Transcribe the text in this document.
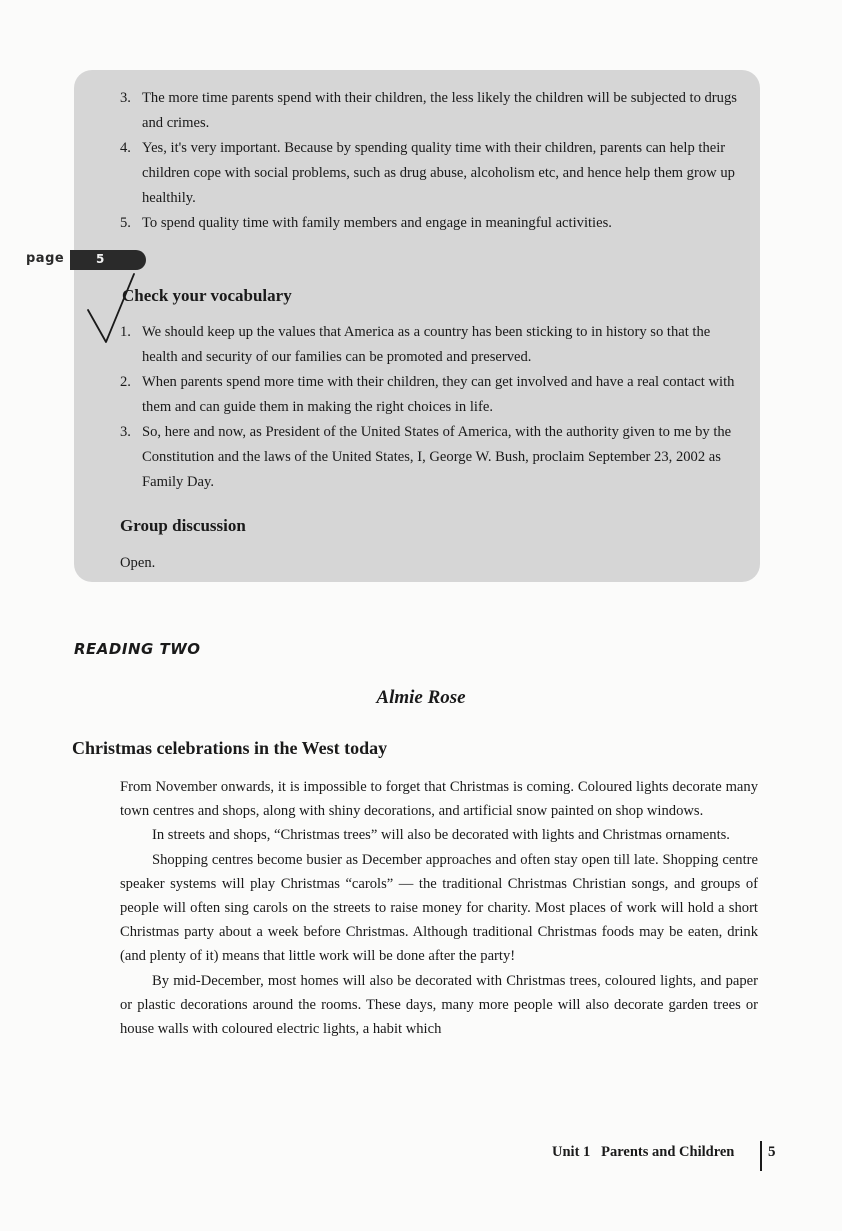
3. The more time parents spend with their children, the less likely the children will be subjected to drugs and crimes.
4. Yes, it's very important. Because by spending quality time with their children, parents can help their children cope with social problems, such as drug abuse, alcoholism etc, and hence help them grow up healthily.
5. To spend quality time with family members and engage in meaningful activities.
page	5
Check your vocabulary
1. We should keep up the values that America as a country has been sticking to in history so that the health and security of our families can be promoted and preserved.
2. When parents spend more time with their children, they can get involved and have a real contact with them and can guide them in making the right choices in life.
3. So, here and now, as President of the United States of America, with the authority given to me by the Constitution and the laws of the United States, I, George W. Bush, proclaim September 23, 2002 as Family Day.
Group discussion
Open.
READING TWO
Almie Rose
Christmas celebrations in the West today

From November onwards, it is impossible to forget that Christmas is coming. Coloured lights decorate many town centres and shops, along with shiny decorations, and artificial snow painted on shop windows.

In streets and shops, “Christmas trees” will also be decorated with lights and Christmas ornaments.

Shopping centres become busier as December approaches and often stay open till late. Shopping centre speaker systems will play Christmas “carols” — the traditional Christmas Christian songs, and groups of people will often sing carols on the streets to raise money for charity. Most places of work will hold a short Christmas party about a week before Christmas. Although traditional Christmas foods may be eaten, drink (and plenty of it) means that little work will be done after the party!

By mid-December, most homes will also be decorated with Christmas trees, coloured lights, and paper or plastic decorations around the rooms. These days, many more people will also decorate garden trees or house walls with coloured electric lights, a habit which

Unit 1 Parents and Children 5
